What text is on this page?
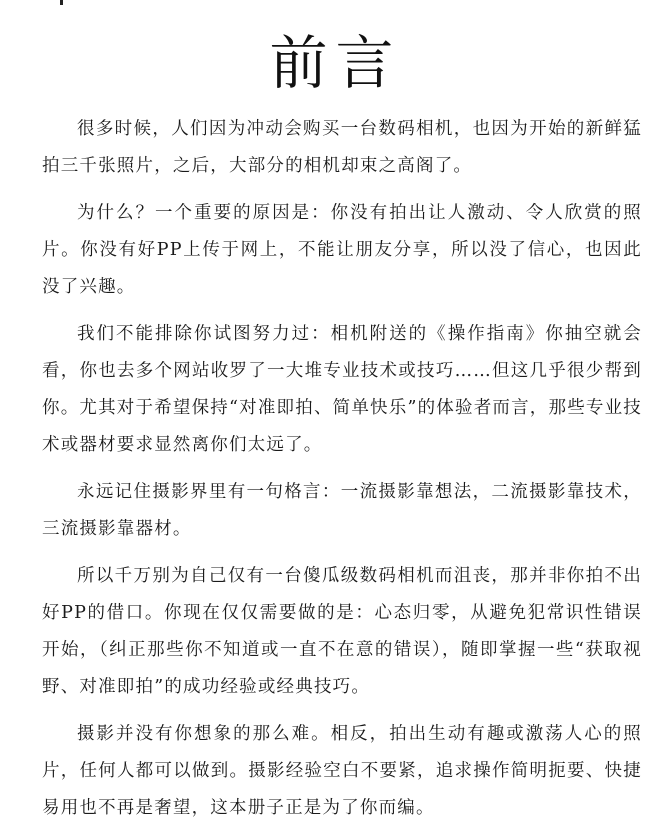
前言

很多时候，人们因为冲动会购买一台数码相机，也因为开始的新鲜猛拍三千张照片，之后，大部分的相机却束之高阁了。

为什么？一个重要的原因是：你没有拍出让人激动、令人欣赏的照片。你没有好PP上传于网上，不能让朋友分享，所以没了信心，也因此没了兴趣。

我们不能排除你试图努力过：相机附送的《操作指南》你抽空就会看，你也去多个网站收罗了一大堆专业技术或技巧……但这几乎很少帮到你。尤其对于希望保持“对准即拍、简单快乐”的体验者而言，那些专业技术或器材要求显然离你们太远了。

永远记住摄影界里有一句格言：一流摄影靠想法，二流摄影靠技术，三流摄影靠器材。

所以千万别为自己仅有一台傻瓜级数码相机而沮丧，那并非你拍不出好PP的借口。你现在仅仅需要做的是：心态归零，从避免犯常识性错误开始，（纠正那些你不知道或一直不在意的错误），随即掌握一些“获取视野、对准即拍”的成功经验或经典技巧。

摄影并没有你想象的那么难。相反，拍出生动有趣或激荡人心的照片，任何人都可以做到。摄影经验空白不要紧，追求操作简明扼要、快捷易用也不再是奢望，这本册子正是为了你而编。
